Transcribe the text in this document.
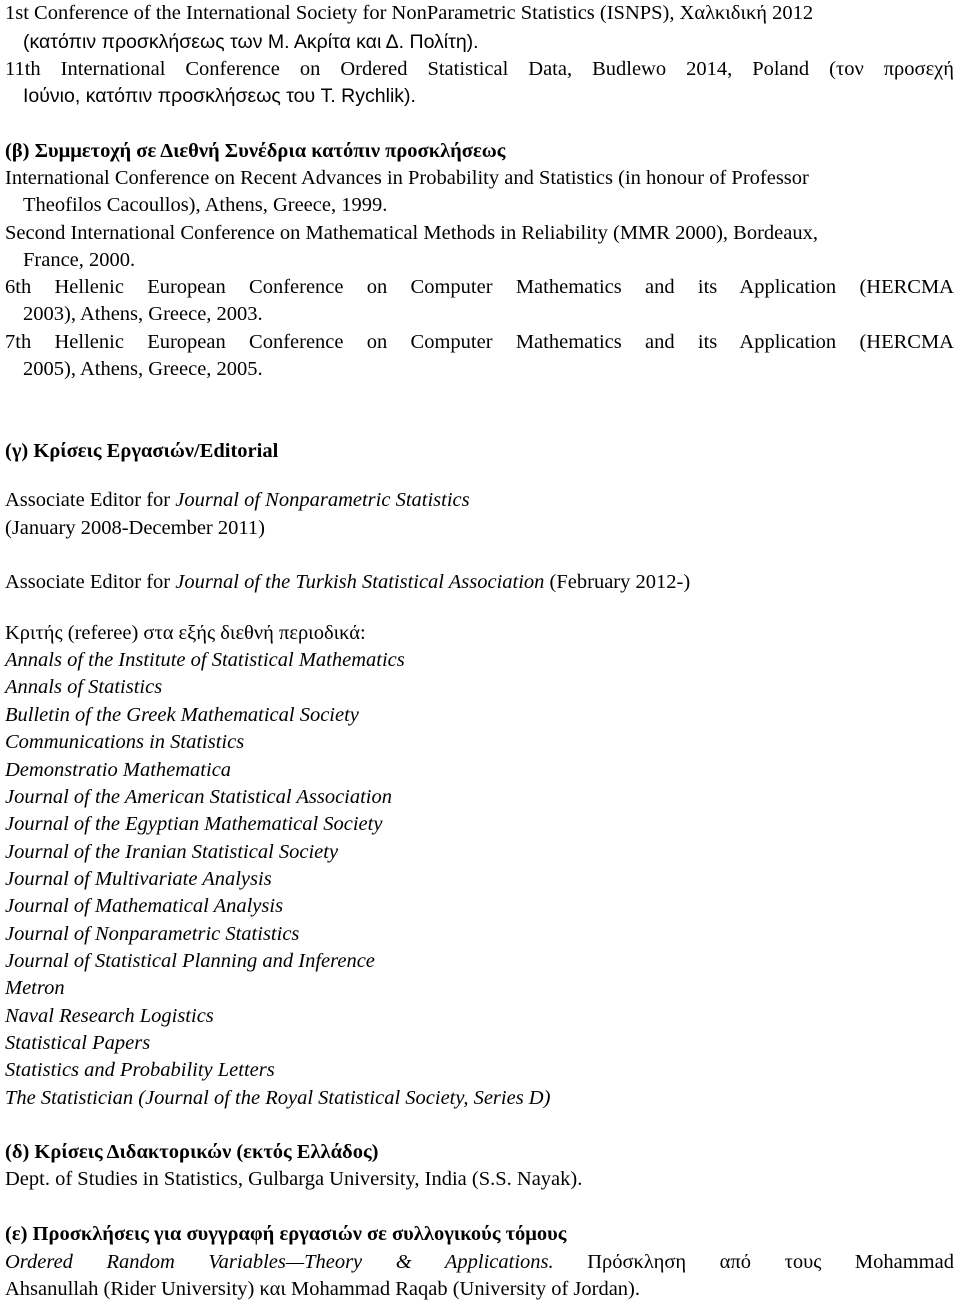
1st Conference of the International Society for NonParametric Statistics (ISNPS), Χαλκιδική 2012
(κατόπιν προσκλήσεως των Μ. Ακρίτα και Δ. Πολίτη).
11th International Conference on Ordered Statistical Data, Budlewo 2014, Poland (τον προσεχή
Ιούνιο, κατόπιν προσκλήσεως του T. Rychlik).
(β) Συμμετοχή σε Διεθνή Συνέδρια κατόπιν προσκλήσεως
International Conference on Recent Advances in Probability and Statistics (in honour of Professor
Theofilos Cacoullos), Athens, Greece, 1999.
Second International Conference on Mathematical Methods in Reliability (MMR 2000), Bordeaux,
France, 2000.
6th Hellenic European Conference on Computer Mathematics and its Application (HERCMA
2003), Athens, Greece, 2003.
7th Hellenic European Conference on Computer Mathematics and its Application (HERCMA
2005), Athens, Greece, 2005.
(γ) Κρίσεις Εργασιών/Editorial
Associate Editor for Journal of Nonparametric Statistics
(January 2008-December 2011)
Associate Editor for Journal of the Turkish Statistical Association (February 2012-)
Κριτής (referee) στα εξής διεθνή περιοδικά:
Annals of the Institute of Statistical Mathematics
Annals of Statistics
Bulletin of the Greek Mathematical Society
Communications in Statistics
Demonstratio Mathematica
Journal of the American Statistical Association
Journal of the Egyptian Mathematical Society
Journal of the Iranian Statistical Society
Journal of Multivariate Analysis
Journal of Mathematical Analysis
Journal of Nonparametric Statistics
Journal of Statistical Planning and Inference
Metron
Naval Research Logistics
Statistical Papers
Statistics and Probability Letters
The Statistician (Journal of the Royal Statistical Society, Series D)
(δ) Κρίσεις Διδακτορικών (εκτός Ελλάδος)
Dept. of Studies in Statistics, Gulbarga University, India (S.S. Nayak).
(ε) Προσκλήσεις για συγγραφή εργασιών σε συλλογικούς τόμους
Ordered Random Variables—Theory & Applications. Πρόσκληση από τους Mohammad
Ahsanullah (Rider University) και Mohammad Raqab (University of Jordan).
